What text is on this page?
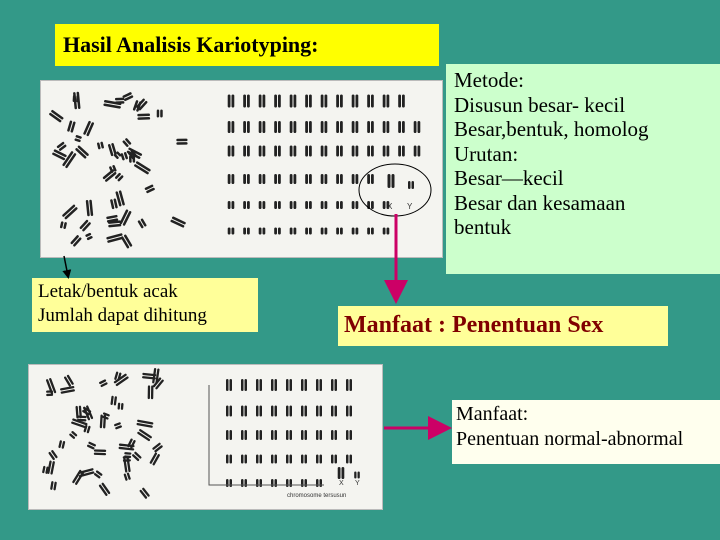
Hasil Analisis Kariotyping:
X Y
Metode:
Disusun besar- kecil
Besar,bentuk, homolog
Urutan:
Besar—kecil
Besar dan kesamaan
bentuk
Letak/bentuk acak
Jumlah dapat dihitung	Manfaat : Penentuan Sex
X Y
chromosome tersusun
Manfaat:
Penentuan normal-abnormal
